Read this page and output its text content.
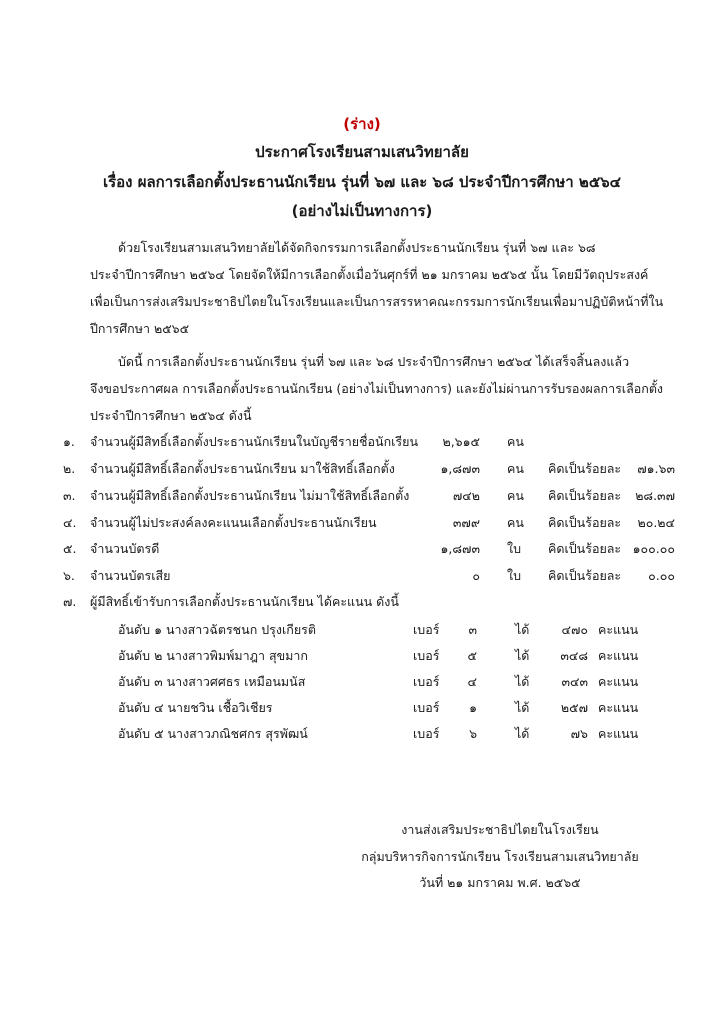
(ร่าง)
ประกาศโรงเรียนสามเสนวิทยาลัย
เรื่อง ผลการเลือกตั้งประธานนักเรียน รุ่นที่ ๖๗ และ ๖๘ ประจำปีการศึกษา ๒๕๖๔
(อย่างไม่เป็นทางการ)
ด้วยโรงเรียนสามเสนวิทยาลัยได้จัดกิจกรรมการเลือกตั้งประธานนักเรียน รุ่นที่ ๖๗ และ ๖๘
ประจำปีการศึกษา ๒๕๖๔ โดยจัดให้มีการเลือกตั้งเมื่อวันศุกร์ที่ ๒๑ มกราคม ๒๕๖๕ นั้น โดยมีวัตถุประสงค์
เพื่อเป็นการส่งเสริมประชาธิปไตยในโรงเรียนและเป็นการสรรหาคณะกรรมการนักเรียนเพื่อมาปฏิบัติหน้าที่ใน
ปีการศึกษา ๒๕๖๕
บัดนี้ การเลือกตั้งประธานนักเรียน รุ่นที่ ๖๗ และ ๖๘ ประจำปีการศึกษา ๒๕๖๔ ได้เสร็จสิ้นลงแล้ว
จึงขอประกาศผล การเลือกตั้งประธานนักเรียน (อย่างไม่เป็นทางการ) และยังไม่ผ่านการรับรองผลการเลือกตั้ง
ประจำปีการศึกษา ๒๕๖๔ ดังนี้
๑. จำนวนผู้มีสิทธิ์เลือกตั้งประธานนักเรียนในบัญชีรายชื่อนักเรียน	๒,๖๑๕ คน
๒. จำนวนผู้มีสิทธิ์เลือกตั้งประธานนักเรียน มาใช้สิทธิ์เลือกตั้ง	๑,๘๗๓ คน คิดเป็นร้อยละ	๗๑.๖๓
๓. จำนวนผู้มีสิทธิ์เลือกตั้งประธานนักเรียน ไม่มาใช้สิทธิ์เลือกตั้ง	๗๔๒ คน คิดเป็นร้อยละ	๒๘.๓๗
๔. จำนวนผู้ไม่ประสงค์ลงคะแนนเลือกตั้งประธานนักเรียน	๓๗๙ คน คิดเป็นร้อยละ	๒๐.๒๔
๕. จำนวนบัตรดี	๑,๘๗๓ ใบ คิดเป็นร้อยละ ๑๐๐.๐๐
๖. จำนวนบัตรเสีย	๐ ใบ คิดเป็นร้อยละ	๐.๐๐
๗. ผู้มีสิทธิ์เข้ารับการเลือกตั้งประธานนักเรียน ได้คะแนน ดังนี้
อันดับ ๑ นางสาวฉัตรชนก ปรุงเกียรติ	เบอร์	๓	ได้	๔๗๐ คะแนน
อันดับ ๒ นางสาวพิมพ์มาฎา สุขมาก	เบอร์	๕	ได้	๓๔๘ คะแนน
อันดับ ๓ นางสาวศศธร เหมือนมนัส	เบอร์	๔	ได้	๓๔๓ คะแนน
อันดับ ๔ นายชวิน เชื้อวิเชียร	เบอร์	๑	ได้	๒๕๗ คะแนน
อันดับ ๕ นางสาวภณิชศกร สุรพัฒน์	เบอร์	๖	ได้	๗๖ คะแนน
งานส่งเสริมประชาธิปไตยในโรงเรียน
กลุ่มบริหารกิจการนักเรียน โรงเรียนสามเสนวิทยาลัย
วันที่ ๒๑ มกราคม พ.ศ. ๒๕๖๕
